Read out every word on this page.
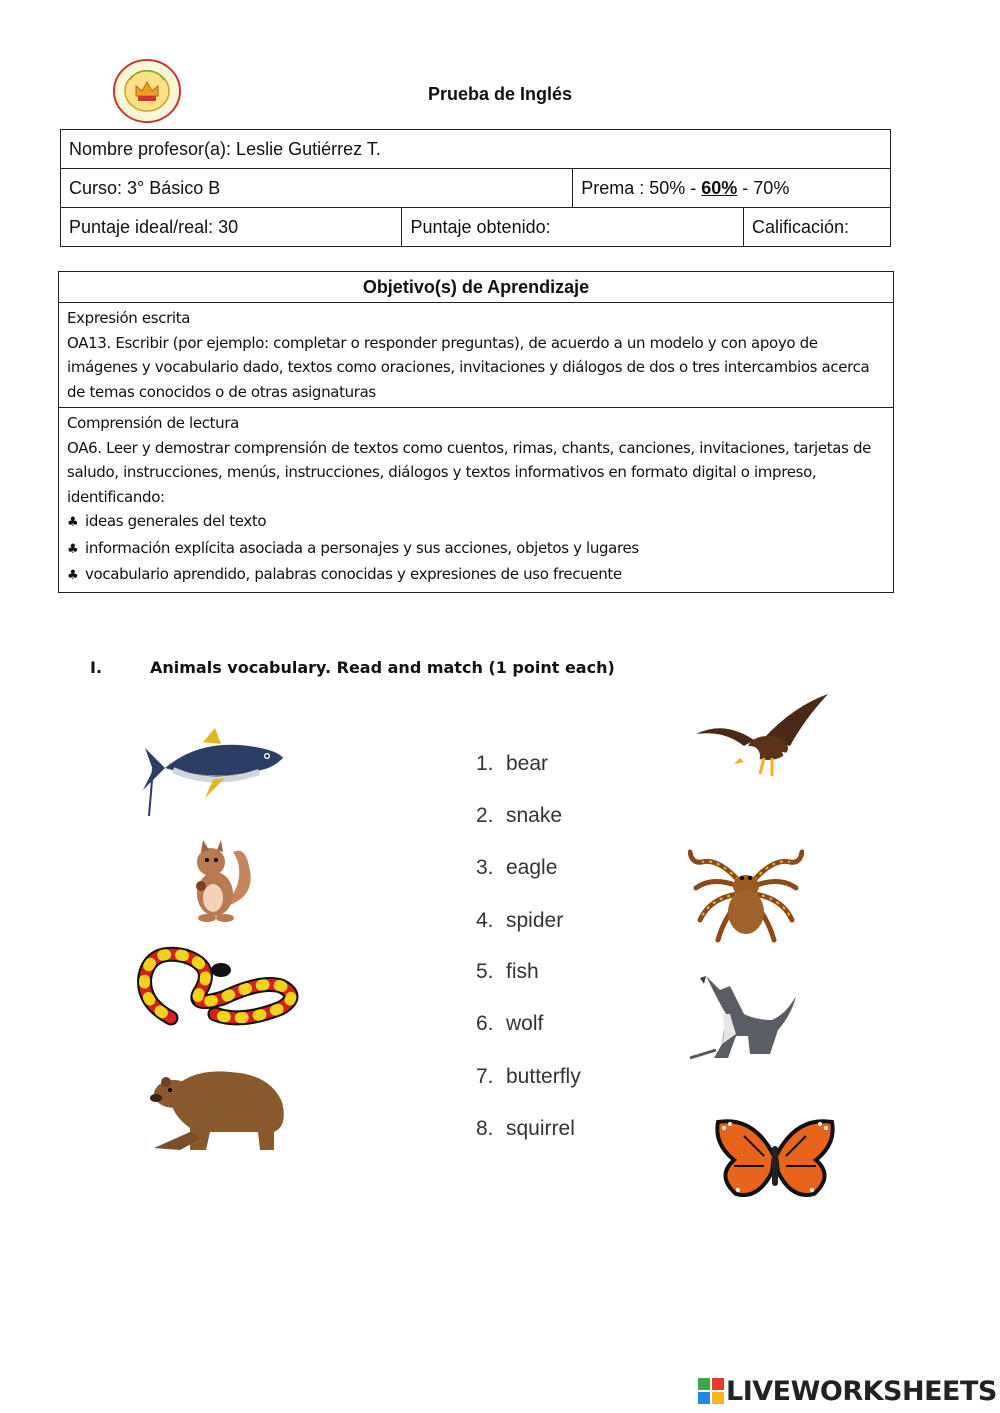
Prueba de Inglés
Nombre profesor(a): Leslie Gutiérrez T.			
Curso: 3° Básico B		Prema : 50% - 60% - 70%	
Puntaje ideal/real: 30	Puntaje obtenido:		Calificación:
Objetivo(s) de Aprendizaje

Expresión escrita
OA13. Escribir (por ejemplo: completar o responder preguntas), de acuerdo a un modelo y con apoyo de imágenes y vocabulario dado, textos como oraciones, invitaciones y diálogos de dos o tres intercambios acerca de temas conocidos o de otras asignaturas

Comprensión de lectura
OA6. Leer y demostrar comprensión de textos como cuentos, rimas, chants, canciones, invitaciones, tarjetas de saludo, instrucciones, menús, instrucciones, diálogos y textos informativos en formato digital o impreso, identificando:
♣ ideas generales del texto
♣ información explícita asociada a personajes y sus acciones, objetos y lugares
♣ vocabulario aprendido, palabras conocidas y expresiones de uso frecuente
I.	Animals vocabulary. Read and match (1 point each)
1. bear
2. snake
3. eagle
4. spider
5. fish
6. wolf
7. butterfly
8. squirrel
LIVEWORKSHEETS
